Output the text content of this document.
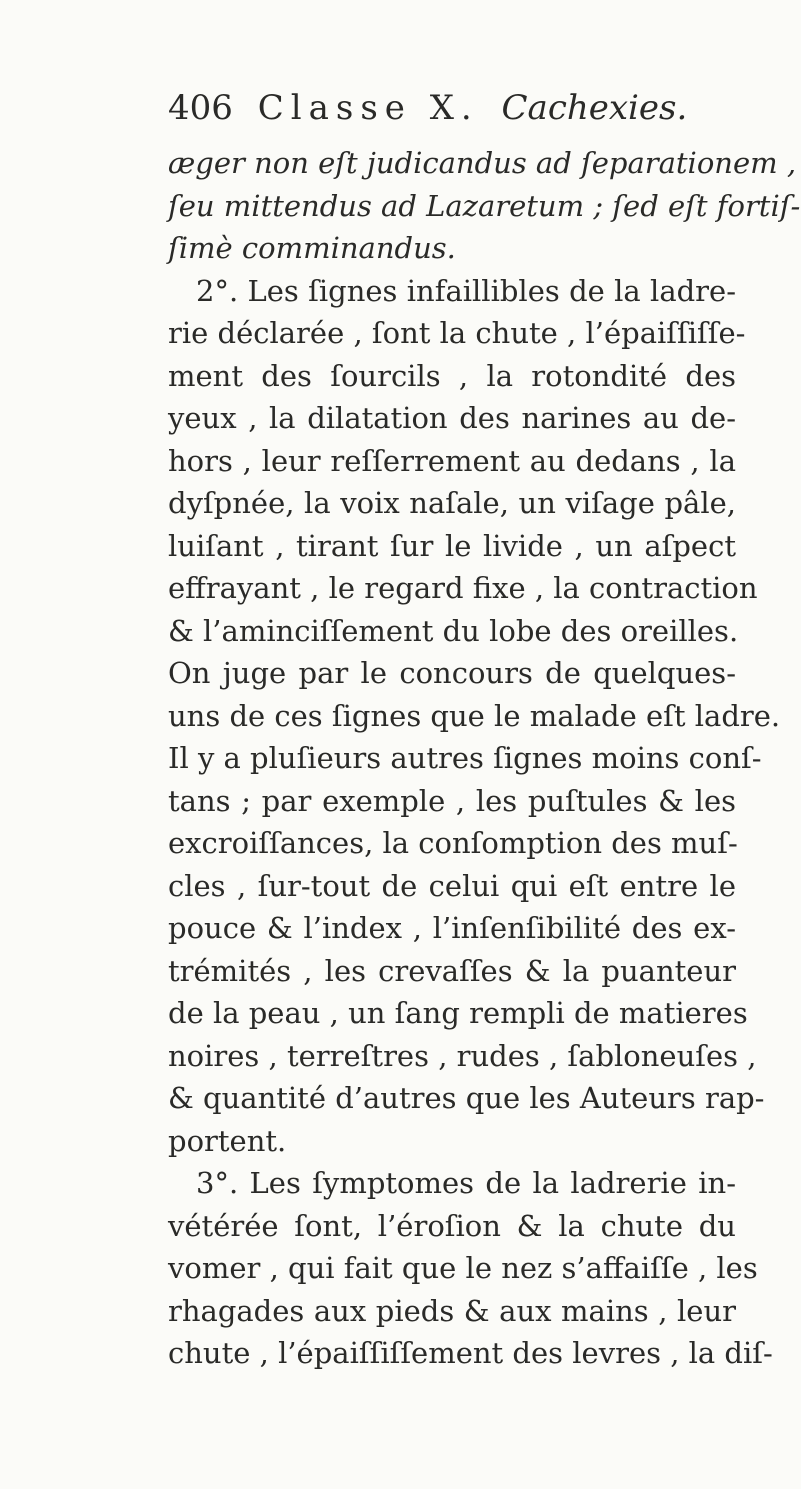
406 Classe X. Cachexies.
æger non eſt judicandus ad ſeparationem ,
ſeu mittendus ad Lazaretum ; ſed eſt fortiſ-
ſimè comminandus.
2°. Les ſignes infaillibles de la ladre-
rie déclarée , ſont la chute , l’épaiſſiſſe-
ment des ſourcils , la rotondité des
yeux , la dilatation des narines au de-
hors , leur reſſerrement au dedans , la
dyſpnée, la voix naſale, un viſage pâle,
luiſant , tirant ſur le livide , un aſpect
effrayant , le regard fixe , la contraction
& l’aminciſſement du lobe des oreilles.
On juge par le concours de quelques-
uns de ces ſignes que le malade eſt ladre.
Il y a pluſieurs autres ſignes moins conſ-
tans ; par exemple , les puſtules & les
excroiſſances, la conſomption des muſ-
cles , ſur-tout de celui qui eſt entre le
pouce & l’index , l’inſenſibilité des ex-
trémités , les crevaſſes & la puanteur
de la peau , un ſang rempli de matieres
noires , terreſtres , rudes , ſabloneuſes ,
& quantité d’autres que les Auteurs rap-
portent.
3°. Les ſymptomes de la ladrerie in-
vétérée ſont, l’éroſion & la chute du
vomer , qui fait que le nez s’affaiſſe , les
rhagades aux pieds & aux mains , leur
chute , l’épaiſſiſſement des levres , la diſ-
